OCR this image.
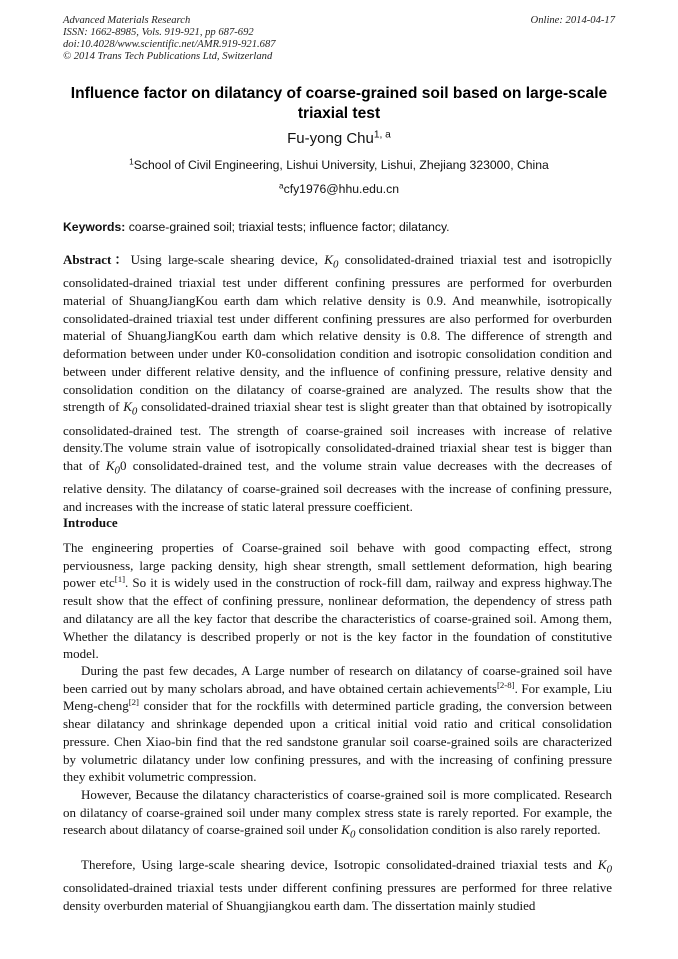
Advanced Materials Research
ISSN: 1662-8985, Vols. 919-921, pp 687-692
doi:10.4028/www.scientific.net/AMR.919-921.687
© 2014 Trans Tech Publications Ltd, Switzerland
Online: 2014-04-17
Influence factor on dilatancy of coarse-grained soil based on large-scale triaxial test
Fu-yong Chu$^{1, a}$
$^1$School of Civil Engineering, Lishui University, Lishui, Zhejiang 323000, China
$^a$cfy1976@hhu.edu.cn
Keywords: coarse-grained soil; triaxial tests; influence factor; dilatancy.
Abstract：Using large-scale shearing device, $K_0$ consolidated-drained triaxial test and isotropiclly consolidated-drained triaxial test under different confining pressures are performed for overburden material of ShuangJiangKou earth dam which relative density is 0.9. And meanwhile, isotropically consolidated-drained triaxial test under different confining pressures are also performed for overburden material of ShuangJiangKou earth dam which relative density is 0.8. The difference of strength and deformation between under under K0-consolidation condition and isotropic consolidation condition and between under different relative density, and the influence of confining pressure, relative density and consolidation condition on the dilatancy of coarse-grained are analyzed. The results show that the strength of $K_0$ consolidated-drained triaxial shear test is slight greater than that obtained by isotropically consolidated-drained test. The strength of coarse-grained soil increases with increase of relative density.The volume strain value of isotropically consolidated-drained triaxial shear test is bigger than that of $K_00$ consolidated-drained test, and the volume strain value decreases with the decreases of relative density. The dilatancy of coarse-grained soil decreases with the increase of confining pressure, and increases with the increase of static lateral pressure coefficient.
Introduce
The engineering properties of Coarse-grained soil behave with good compacting effect, strong perviousness, large packing density, high shear strength, small settlement deformation, high bearing power etc[1]. So it is widely used in the construction of rock-fill dam, railway and express highway.The result show that the effect of confining pressure, nonlinear deformation, the dependency of stress path and dilatancy are all the key factor that describe the characteristics of coarse-grained soil. Among them, Whether the dilatancy is described properly or not is the key factor in the foundation of constitutive model.
During the past few decades, A Large number of research on dilatancy of coarse-grained soil have been carried out by many scholars abroad, and have obtained certain achievements[2-8]. For example, Liu Meng-cheng[2] consider that for the rockfills with determined particle grading, the conversion between shear dilatancy and shrinkage depended upon a critical initial void ratio and critical consolidation pressure. Chen Xiao-bin find that the red sandstone granular soil coarse-grained soils are characterized by volumetric dilatancy under low confining pressures, and with the increasing of confining pressure they exhibit volumetric compression.
However, Because the dilatancy characteristics of coarse-grained soil is more complicated. Research on dilatancy of coarse-grained soil under many complex stress state is rarely reported. For example, the research about dilatancy of coarse-grained soil under $K_0$ consolidation condition is also rarely reported.
Therefore, Using large-scale shearing device, Isotropic consolidated-drained triaxial tests and $K_0$ consolidated-drained triaxial tests under different confining pressures are performed for three relative density overburden material of Shuangjiangkou earth dam. The dissertation mainly studied
